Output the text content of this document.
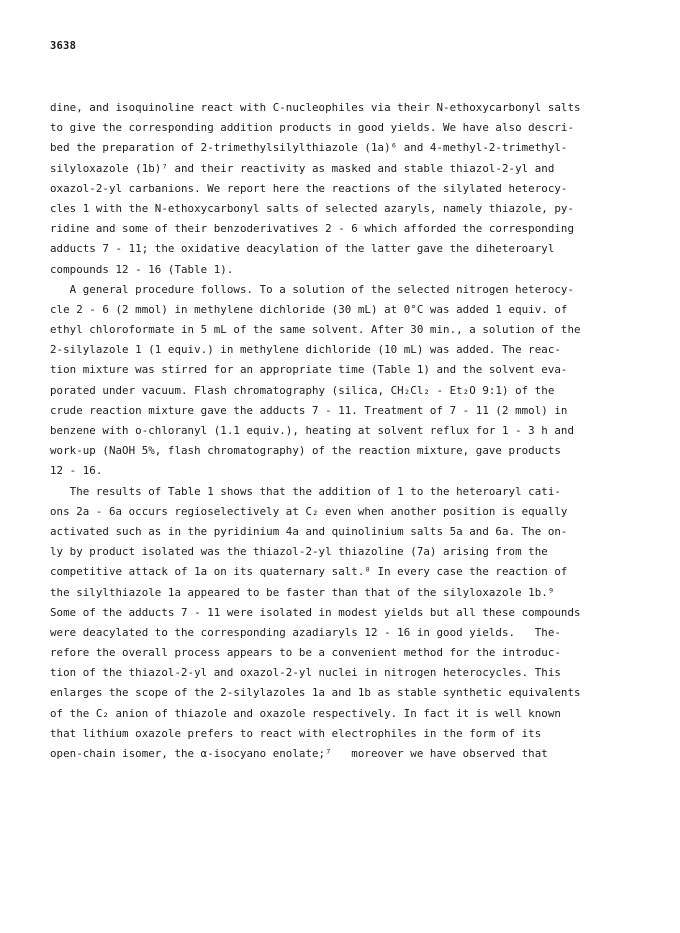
3638
dine, and isoquinoline react with C-nucleophiles via their N-ethoxycarbonyl salts
to give the corresponding addition products in good yields. We have also descri-
bed the preparation of 2-trimethylsilylthiazole (1a)⁶ and 4-methyl-2-trimethyl-
silyloxazole (1b)⁷ and their reactivity as masked and stable thiazol-2-yl and
oxazol-2-yl carbanions. We report here the reactions of the silylated heterocy-
cles 1 with the N-ethoxycarbonyl salts of selected azaryls, namely thiazole, py-
ridine and some of their benzoderivatives 2 - 6 which afforded the corresponding
adducts 7 - 11; the oxidative deacylation of the latter gave the diheteroaryl
compounds 12 - 16 (Table 1).
A general procedure follows. To a solution of the selected nitrogen heterocy-
cle 2 - 6 (2 mmol) in methylene dichloride (30 mL) at 0°C was added 1 equiv. of
ethyl chloroformate in 5 mL of the same solvent. After 30 min., a solution of the
2-silylazole 1 (1 equiv.) in methylene dichloride (10 mL) was added. The reac-
tion mixture was stirred for an appropriate time (Table 1) and the solvent eva-
porated under vacuum. Flash chromatography (silica, CH₂Cl₂ - Et₂O 9:1) of the
crude reaction mixture gave the adducts 7 - 11. Treatment of 7 - 11 (2 mmol) in
benzene with o-chloranyl (1.1 equiv.), heating at solvent reflux for 1 - 3 h and
work-up (NaOH 5%, flash chromatography) of the reaction mixture, gave products
12 - 16.
The results of Table 1 shows that the addition of 1 to the heteroaryl cati-
ons 2a - 6a occurs regioselectively at C₂ even when another position is equally
activated such as in the pyridinium 4a and quinolinium salts 5a and 6a. The on-
ly by product isolated was the thiazol-2-yl thiazoline (7a) arising from the
competitive attack of 1a on its quaternary salt.⁸ In every case the reaction of
the silylthiazole 1a appeared to be faster than that of the silyloxazole 1b.⁹
Some of the adducts 7 - 11 were isolated in modest yields but all these compounds
were deacylated to the corresponding azadiaryls 12 - 16 in good yields.   The-
refore the overall process appears to be a convenient method for the introduc-
tion of the thiazol-2-yl and oxazol-2-yl nuclei in nitrogen heterocycles. This
enlarges the scope of the 2-silylazoles 1a and 1b as stable synthetic equivalents
of the C₂ anion of thiazole and oxazole respectively. In fact it is well known
that lithium oxazole prefers to react with electrophiles in the form of its
open-chain isomer, the α-isocyano enolate;⁷   moreover we have observed that
